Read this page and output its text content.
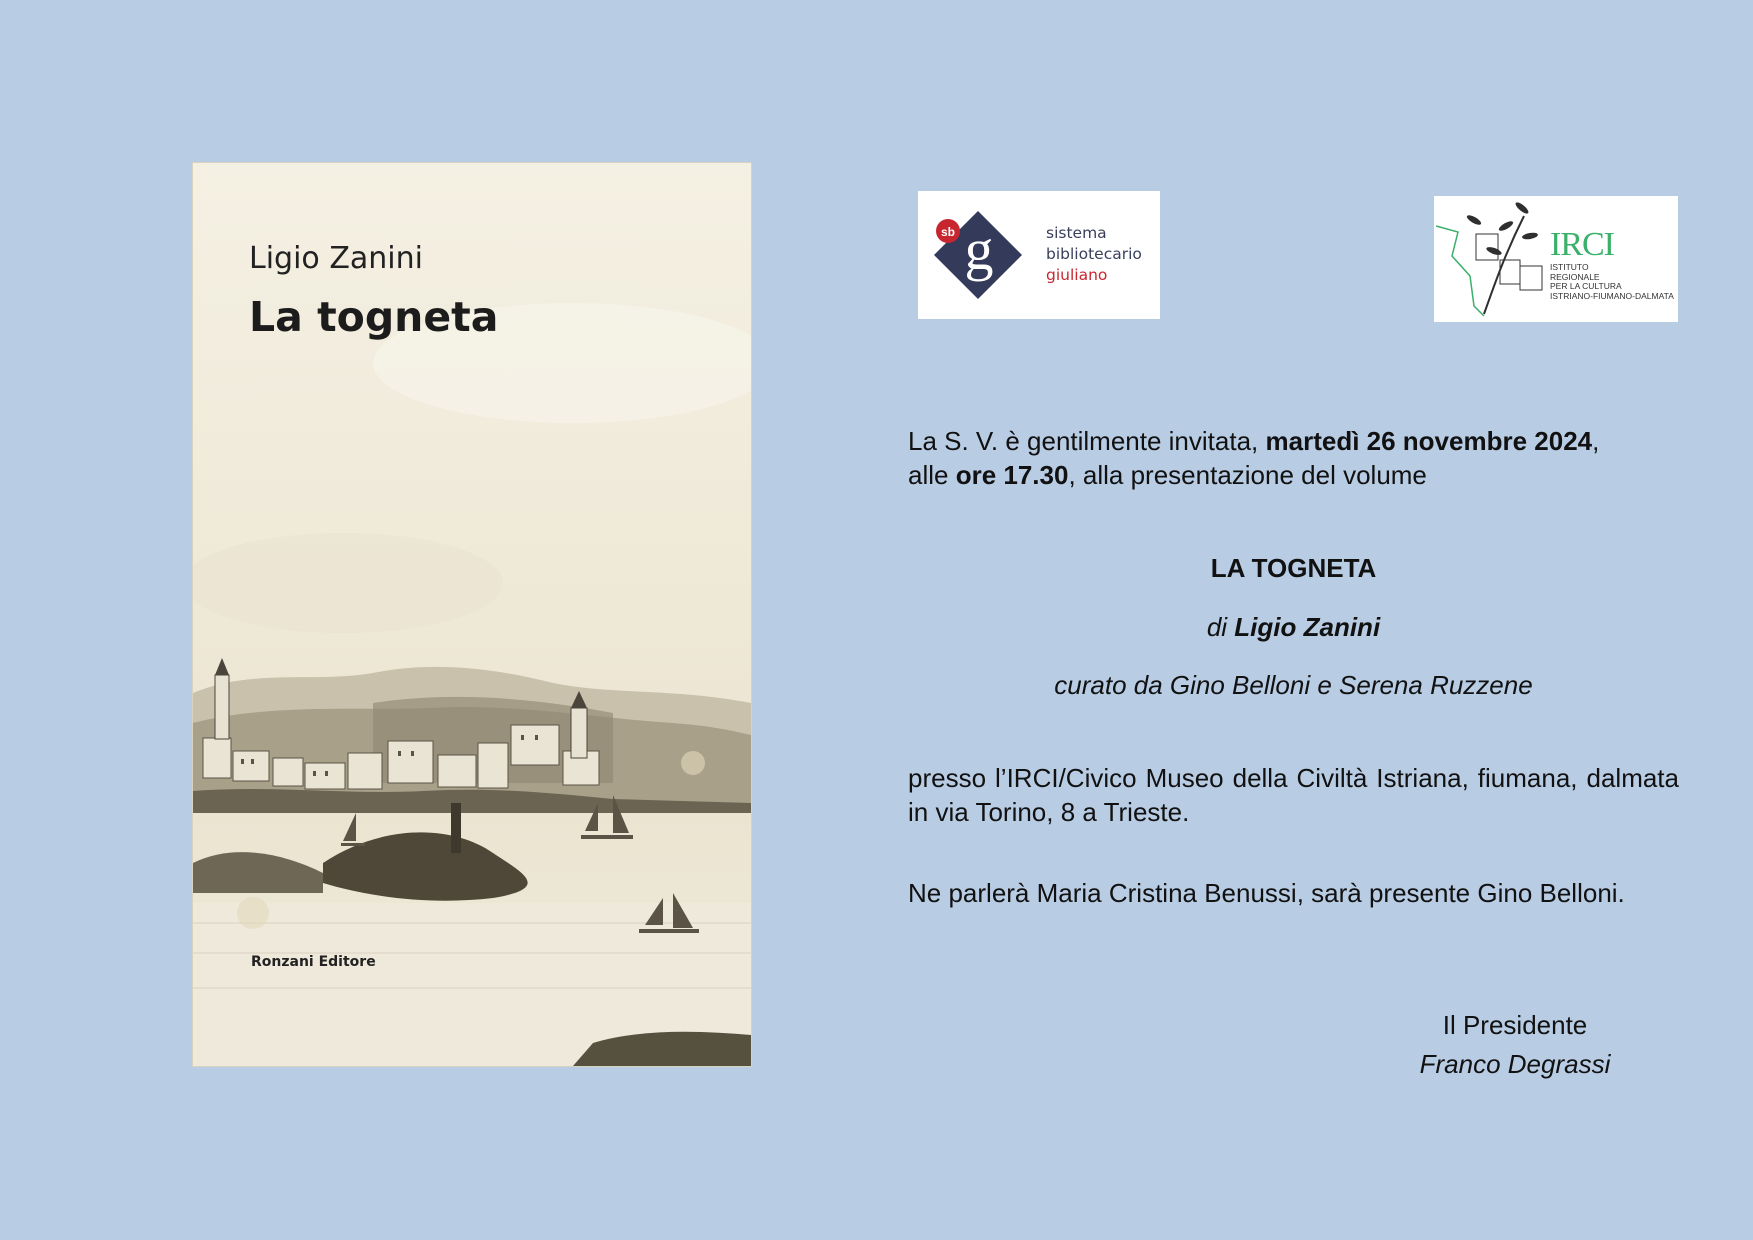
Ligio Zanini
La togneta
Ronzani Editore
g
sb	sistema
bibliotecario
giuliano
IRCI
ISTITUTO
REGIONALE
PER LA CULTURA
ISTRIANO-FIUMANO-DALMATA
La S. V. è gentilmente invitata, martedì 26 novembre 2024,
alle ore 17.30, alla presentazione del volume
LA TOGNETA
di Ligio Zanini
curato da Gino Belloni e Serena Ruzzene
presso l’IRCI/Civico Museo della Civiltà Istriana, fiumana, dalmata in via Torino, 8 a Trieste.
Ne parlerà Maria Cristina Benussi, sarà presente Gino Belloni.
Il Presidente
Franco Degrassi
